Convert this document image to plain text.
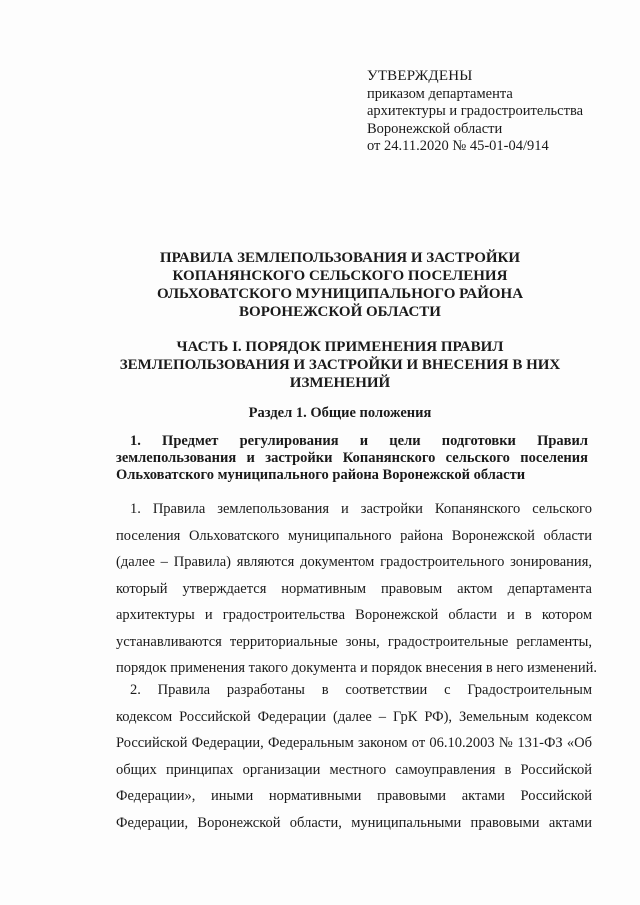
УТВЕРЖДЕНЫ
приказом департамента
архитектуры и градостроительства
Воронежской области
от 24.11.2020 № 45-01-04/914
ПРАВИЛА ЗЕМЛЕПОЛЬЗОВАНИЯ И ЗАСТРОЙКИ
КОПАНЯНСКОГО СЕЛЬСКОГО ПОСЕЛЕНИЯ
ОЛЬХОВАТСКОГО МУНИЦИПАЛЬНОГО РАЙОНА
ВОРОНЕЖСКОЙ ОБЛАСТИ
ЧАСТЬ I. ПОРЯДОК ПРИМЕНЕНИЯ ПРАВИЛ
ЗЕМЛЕПОЛЬЗОВАНИЯ И ЗАСТРОЙКИ И ВНЕСЕНИЯ В НИХ
ИЗМЕНЕНИЙ
Раздел 1. Общие положения
1. Предмет регулирования и цели подготовки Правил
землепользования и застройки Копанянского сельского поселения
Ольховатского муниципального района Воронежской области
1. Правила землепользования и застройки Копанянского сельского
поселения Ольховатского муниципального района Воронежской области
(далее – Правила) являются документом градостроительного зонирования,
который утверждается нормативным правовым актом департамента
архитектуры и градостроительства Воронежской области и в котором
устанавливаются территориальные зоны, градостроительные регламенты,
порядок применения такого документа и порядок внесения в него изменений.
2. Правила разработаны в соответствии с Градостроительным
кодексом Российской Федерации (далее – ГрК РФ), Земельным кодексом
Российской Федерации, Федеральным законом от 06.10.2003 № 131-ФЗ «Об
общих принципах организации местного самоуправления в Российской
Федерации», иными нормативными правовыми актами Российской
Федерации, Воронежской области, муниципальными правовыми актами
